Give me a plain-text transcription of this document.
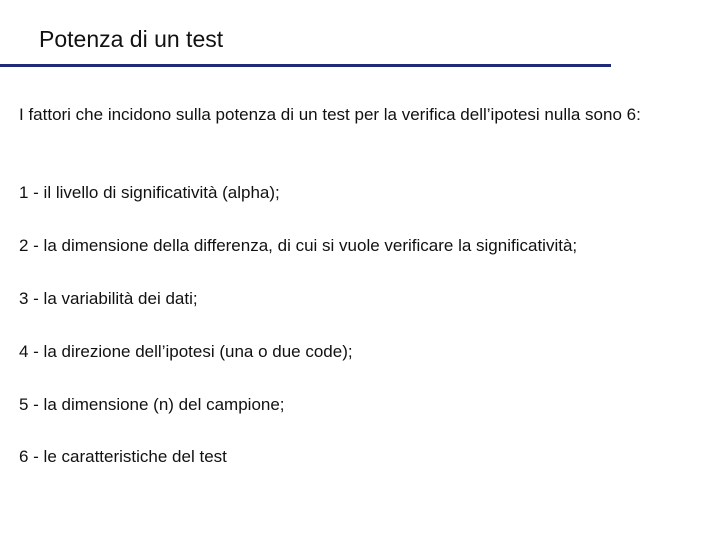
Potenza di un test

I fattori che incidono sulla potenza di un test per la verifica dell’ipotesi nulla sono 6:

1 - il livello di significatività (alpha);

2 - la dimensione della differenza, di cui si vuole verificare la significatività;

3 - la variabilità dei dati;

4 - la direzione dell’ipotesi (una o due code);

5 - la dimensione (n) del campione;

6 - le caratteristiche del test
